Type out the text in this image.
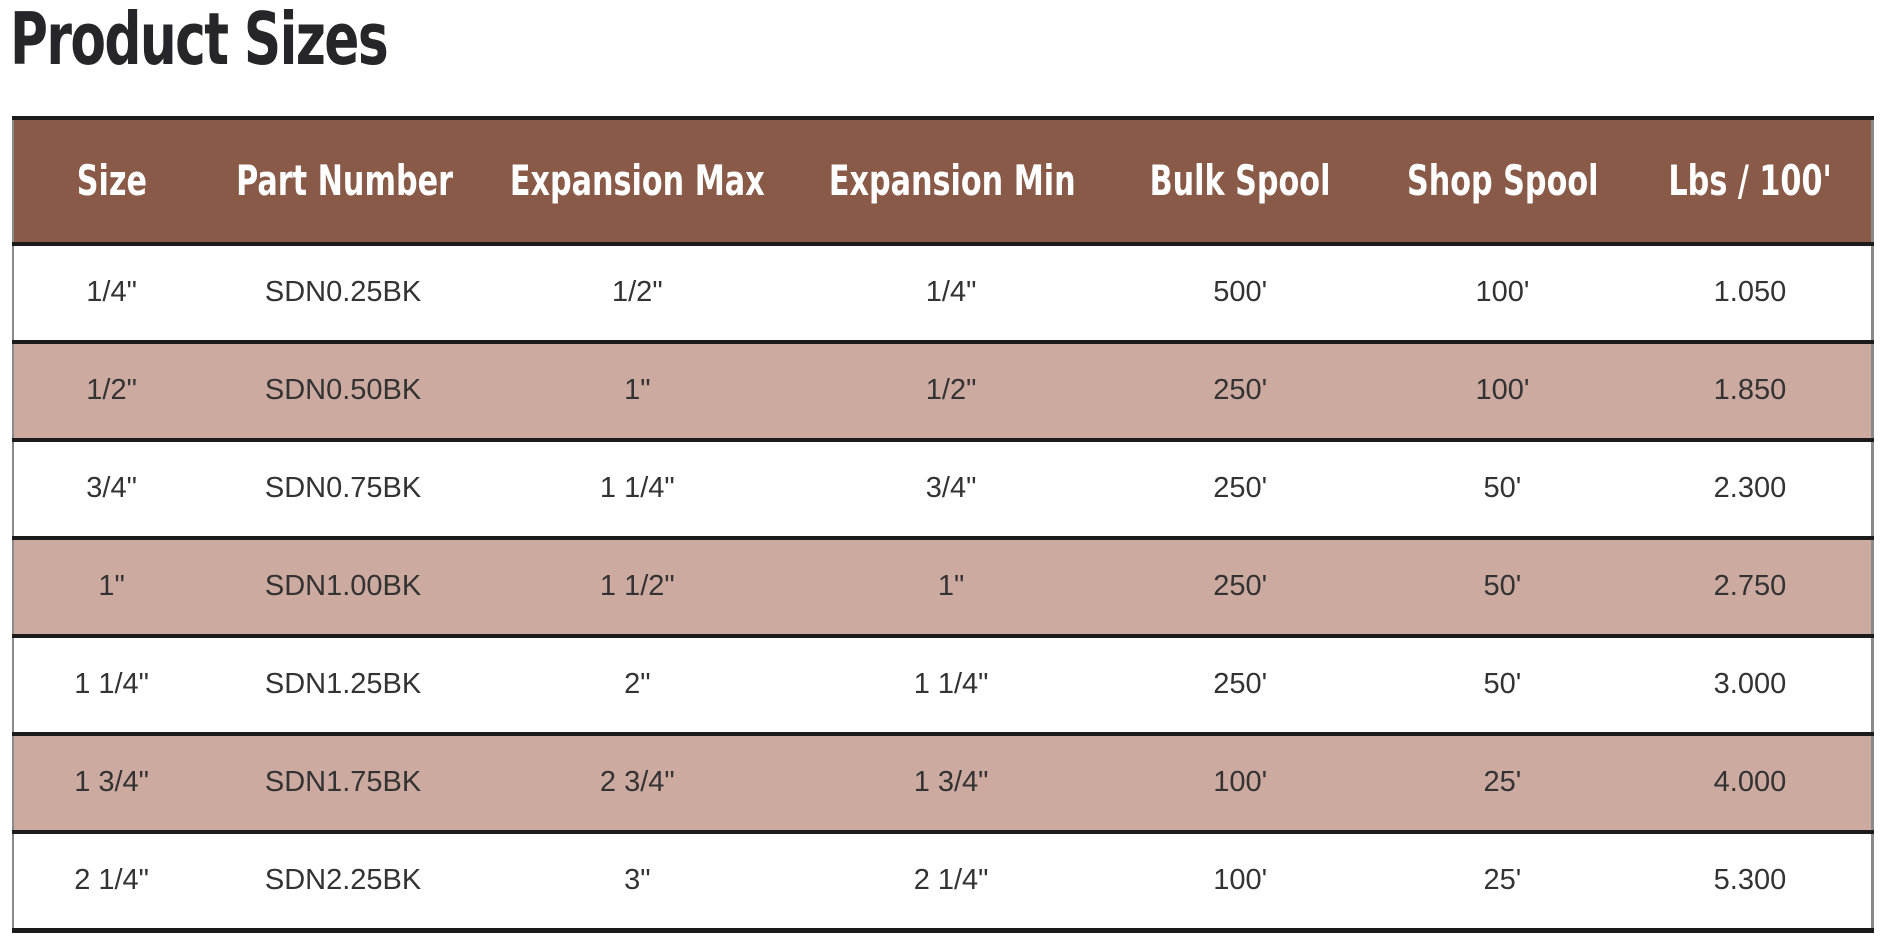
Product Sizes
Size	Part Number	Expansion Max	Expansion Min	Bulk Spool	Shop Spool	Lbs / 100'
1/4"	SDN0.25BK	1/2"	1/4"	500'	100'	1.050
1/2"	SDN0.50BK	1"	1/2"	250'	100'	1.850
3/4"	SDN0.75BK	1 1/4"	3/4"	250'	50'	2.300
1"	SDN1.00BK	1 1/2"	1"	250'	50'	2.750
1 1/4"	SDN1.25BK	2"	1 1/4"	250'	50'	3.000
1 3/4"	SDN1.75BK	2 3/4"	1 3/4"	100'	25'	4.000
2 1/4"	SDN2.25BK	3"	2 1/4"	100'	25'	5.300
